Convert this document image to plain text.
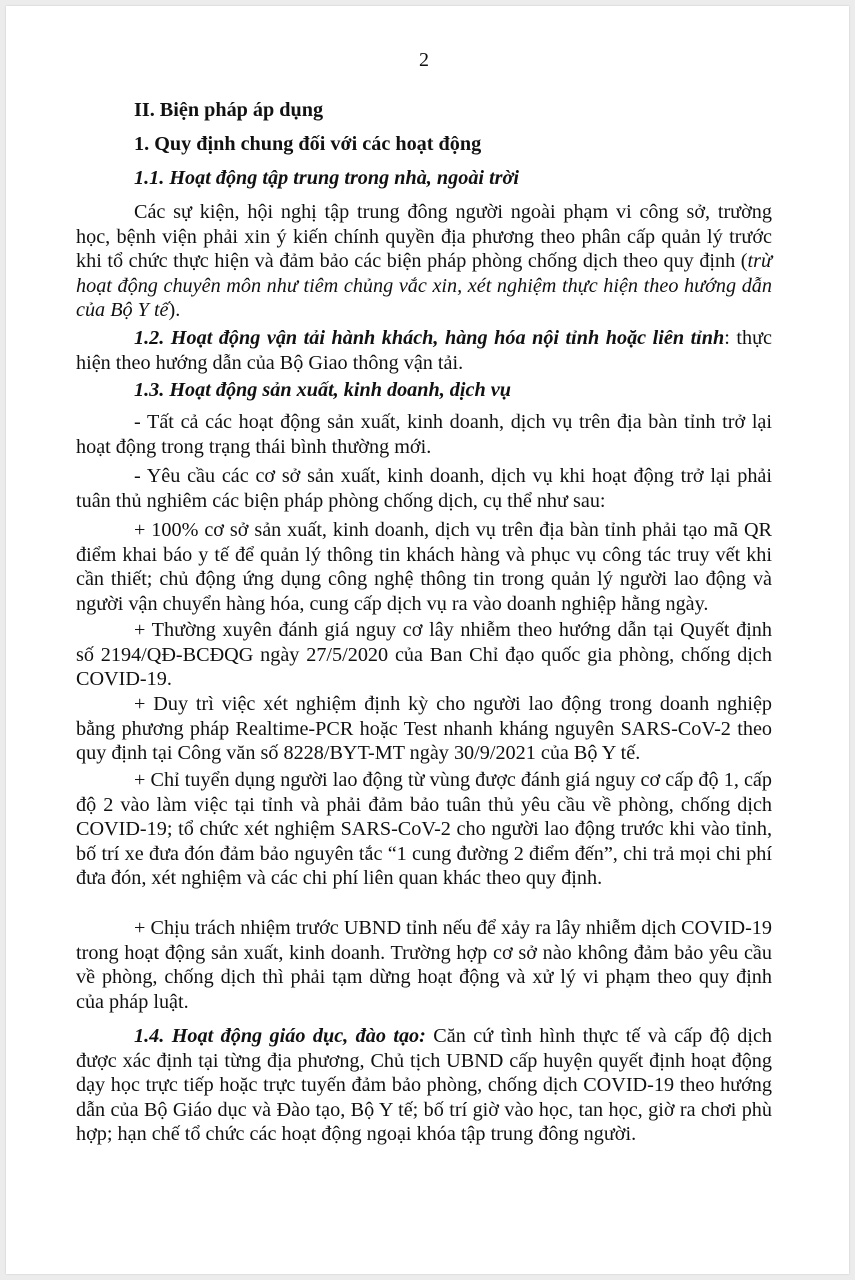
2
II. Biện pháp áp dụng
1. Quy định chung đối với các hoạt động
1.1. Hoạt động tập trung trong nhà, ngoài trời
Các sự kiện, hội nghị tập trung đông người ngoài phạm vi công sở, trường học, bệnh viện phải xin ý kiến chính quyền địa phương theo phân cấp quản lý trước khi tổ chức thực hiện và đảm bảo các biện pháp phòng chống dịch theo quy định (trừ hoạt động chuyên môn như tiêm chủng vắc xin, xét nghiệm thực hiện theo hướng dẫn của Bộ Y tế).
1.2. Hoạt động vận tải hành khách, hàng hóa nội tỉnh hoặc liên tỉnh: thực hiện theo hướng dẫn của Bộ Giao thông vận tải.
1.3. Hoạt động sản xuất, kinh doanh, dịch vụ
- Tất cả các hoạt động sản xuất, kinh doanh, dịch vụ trên địa bàn tỉnh trở lại hoạt động trong trạng thái bình thường mới.
- Yêu cầu các cơ sở sản xuất, kinh doanh, dịch vụ khi hoạt động trở lại phải tuân thủ nghiêm các biện pháp phòng chống dịch, cụ thể như sau:
+ 100% cơ sở sản xuất, kinh doanh, dịch vụ trên địa bàn tỉnh phải tạo mã QR điểm khai báo y tế để quản lý thông tin khách hàng và phục vụ công tác truy vết khi cần thiết; chủ động ứng dụng công nghệ thông tin trong quản lý người lao động và người vận chuyển hàng hóa, cung cấp dịch vụ ra vào doanh nghiệp hằng ngày.
+ Thường xuyên đánh giá nguy cơ lây nhiễm theo hướng dẫn tại Quyết định số 2194/QĐ-BCĐQG ngày 27/5/2020 của Ban Chỉ đạo quốc gia phòng, chống dịch COVID-19.
+ Duy trì việc xét nghiệm định kỳ cho người lao động trong doanh nghiệp bằng phương pháp Realtime-PCR hoặc Test nhanh kháng nguyên SARS-CoV-2 theo quy định tại Công văn số 8228/BYT-MT ngày 30/9/2021 của Bộ Y tế.
+ Chỉ tuyển dụng người lao động từ vùng được đánh giá nguy cơ cấp độ 1, cấp độ 2 vào làm việc tại tỉnh và phải đảm bảo tuân thủ yêu cầu về phòng, chống dịch COVID-19; tổ chức xét nghiệm SARS-CoV-2 cho người lao động trước khi vào tỉnh, bố trí xe đưa đón đảm bảo nguyên tắc “1 cung đường 2 điểm đến”, chi trả mọi chi phí đưa đón, xét nghiệm và các chi phí liên quan khác theo quy định.
+ Chịu trách nhiệm trước UBND tỉnh nếu để xảy ra lây nhiễm dịch COVID-19 trong hoạt động sản xuất, kinh doanh. Trường hợp cơ sở nào không đảm bảo yêu cầu về phòng, chống dịch thì phải tạm dừng hoạt động và xử lý vi phạm theo quy định của pháp luật.
1.4. Hoạt động giáo dục, đào tạo: Căn cứ tình hình thực tế và cấp độ dịch được xác định tại từng địa phương, Chủ tịch UBND cấp huyện quyết định hoạt động dạy học trực tiếp hoặc trực tuyến đảm bảo phòng, chống dịch COVID-19 theo hướng dẫn của Bộ Giáo dục và Đào tạo, Bộ Y tế; bố trí giờ vào học, tan học, giờ ra chơi phù hợp; hạn chế tổ chức các hoạt động ngoại khóa tập trung đông người.
